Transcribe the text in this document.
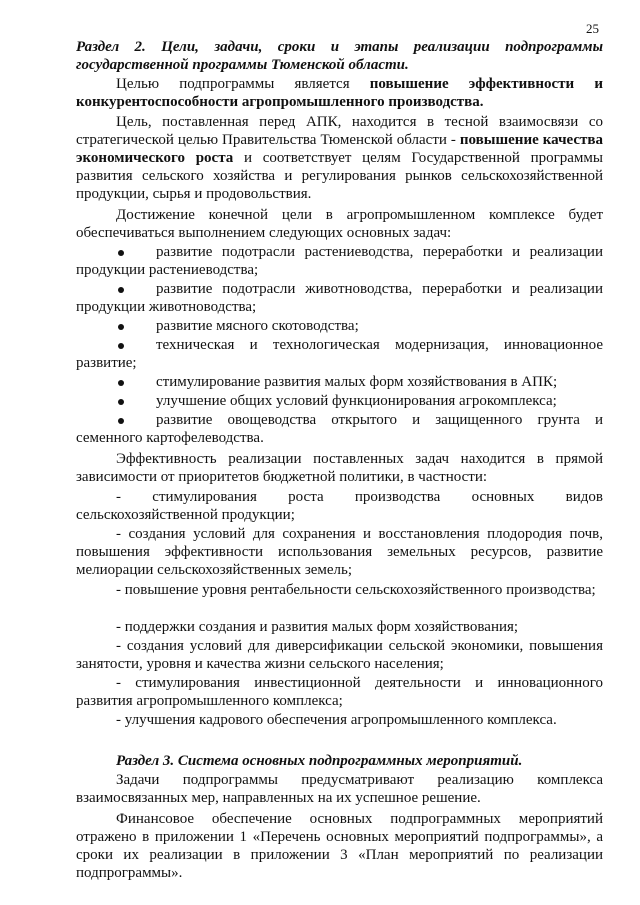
25
Раздел 2. Цели, задачи, сроки и этапы реализации подпрограммы государственной программы Тюменской области.
Целью подпрограммы является повышение эффективности и конкурентоспособности агропромышленного производства.
Цель, поставленная перед АПК, находится в тесной взаимосвязи со стратегической целью Правительства Тюменской области - повышение качества экономического роста и соответствует целям Государственной программы развития сельского хозяйства и регулирования рынков сельскохозяйственной продукции, сырья и продовольствия.
Достижение конечной цели в агропромышленном комплексе будет обеспечиваться выполнением следующих основных задач:
развитие подотрасли растениеводства, переработки и реализации продукции растениеводства;
развитие подотрасли животноводства, переработки и реализации продукции животноводства;
развитие мясного скотоводства;
техническая и технологическая модернизация, инновационное развитие;
стимулирование развития малых форм хозяйствования в АПК;
улучшение общих условий функционирования агрокомплекса;
развитие овощеводства открытого и защищенного грунта и семенного картофелеводства.
Эффективность реализации поставленных задач находится в прямой зависимости от приоритетов бюджетной политики, в частности:
- стимулирования роста производства основных видов сельскохозяйственной продукции;
- создания условий для сохранения и восстановления плодородия почв, повышения эффективности использования земельных ресурсов, развитие мелиорации сельскохозяйственных земель;
- повышение уровня рентабельности сельскохозяйственного производства;
- поддержки создания и развития малых форм хозяйствования;
- создания условий для диверсификации сельской экономики, повышения занятости, уровня и качества жизни сельского населения;
- стимулирования инвестиционной деятельности и инновационного развития агропромышленного комплекса;
- улучшения кадрового обеспечения агропромышленного комплекса.
Раздел 3. Система основных подпрограммных мероприятий.
Задачи подпрограммы предусматривают реализацию комплекса взаимосвязанных мер, направленных на их успешное решение.
Финансовое обеспечение основных подпрограммных мероприятий отражено в приложении 1 «Перечень основных мероприятий подпрограммы», а сроки их реализации в приложении 3 «План мероприятий по реализации подпрограммы».
